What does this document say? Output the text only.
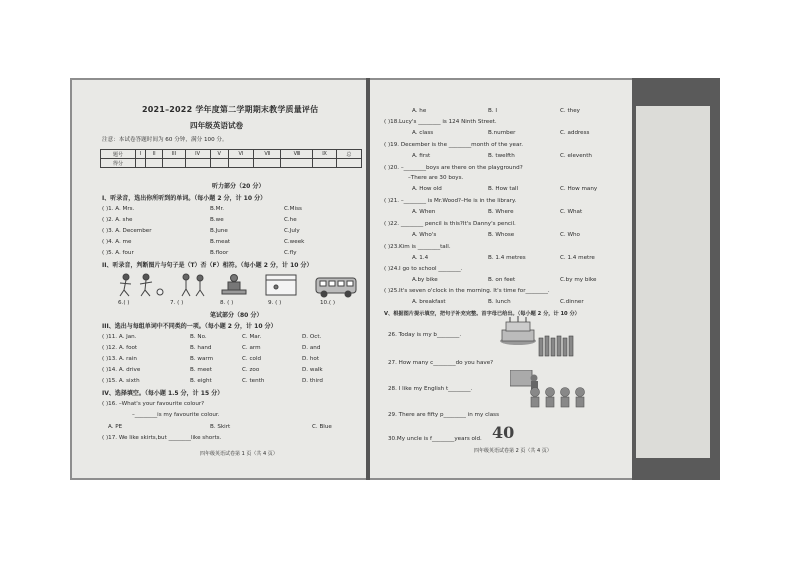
2021–2022 学年度第二学期期末教学质量评估
四年级英语试卷
注意：本试卷答题时间为 60 分钟，满分 100 分。
题号	I	II	III	IV	V	VI	Ⅶ	Ⅷ	Ⅸ	总
得分										
听力部分（20 分）
I、听录音，选出你所听到的单词。（每小题 2 分，计 10 分）
( )1. A. Mrs.	B.Mr.	C.Miss
( )2. A. she	B.we	C.he
( )3. A. December	B.June	C.July
( )4. A. me	B.meat	C.week
( )5. A. four	B.floor	C.fly
II、听录音，判断图片与句子是（T）否（F）相符。（每小题 2 分，计 10 分）
6.( )	7. ( )	8. ( )	9. ( )	10.( )
笔试部分（80 分）
III、选出与每组单词中不同类的一项。（每小题 2 分，计 10 分）
( )11. A. Jan.	B. No.	C. Mar.	D. Oct.
( )12. A. foot	B. hand	C. arm	D. and
( )13. A. rain	B. warm	C. cold	D. hot
( )14. A. drive	B. meet	C. zoo	D. walk
( )15. A. sixth	B. eight	C. tenth	D. third
IV、选择填空。（每小题 1.5 分，计 15 分）
( )16. –What's your favourite colour?
–________is my favourite colour.
A. PE	B. Skirt	C. Blue
( )17. We like skirts,but ________like shorts.
四年级英语试卷第 1 页（共 4 页）
A. he	B. I	C. they
( )18.Lucy's ________ is 124 Ninth Street.
A. class	B.number	C. address
( )19. December is the ________month of the year.
A. first	B. twelfth	C. eleventh
( )20. –________boys are there on the playground?
–There are 30 boys.
A. How old	B. How tall	C. How many
( )21. –________ is Mr.Wood?–He is in the library.
A. When	B. Where	C. What
( )22. ________ pencil is this?It's Danny's pencil.
A. Who's	B. Whose	C. Who
( )23.Kim is ________tall.
A. 1.4	B. 1.4 metres	C. 1.4 metre
( )24.I go to school ________.
A.by bike	B. on feet	C.by my bike
( )25.It's seven o'clock in the morning. It's time for________.
A. breakfast	B. lunch	C.dinner
V、根据图片提示填空，把句子补充完整。首字母已给出。（每小题 2 分，计 10 分）
26. Today is my b________.
27. How many c________do you have?
28. I like my English t________.
29. There are fifty p________ in my class
30.My uncle is f________years old. 40
四年级英语试卷第 2 页（共 4 页）
